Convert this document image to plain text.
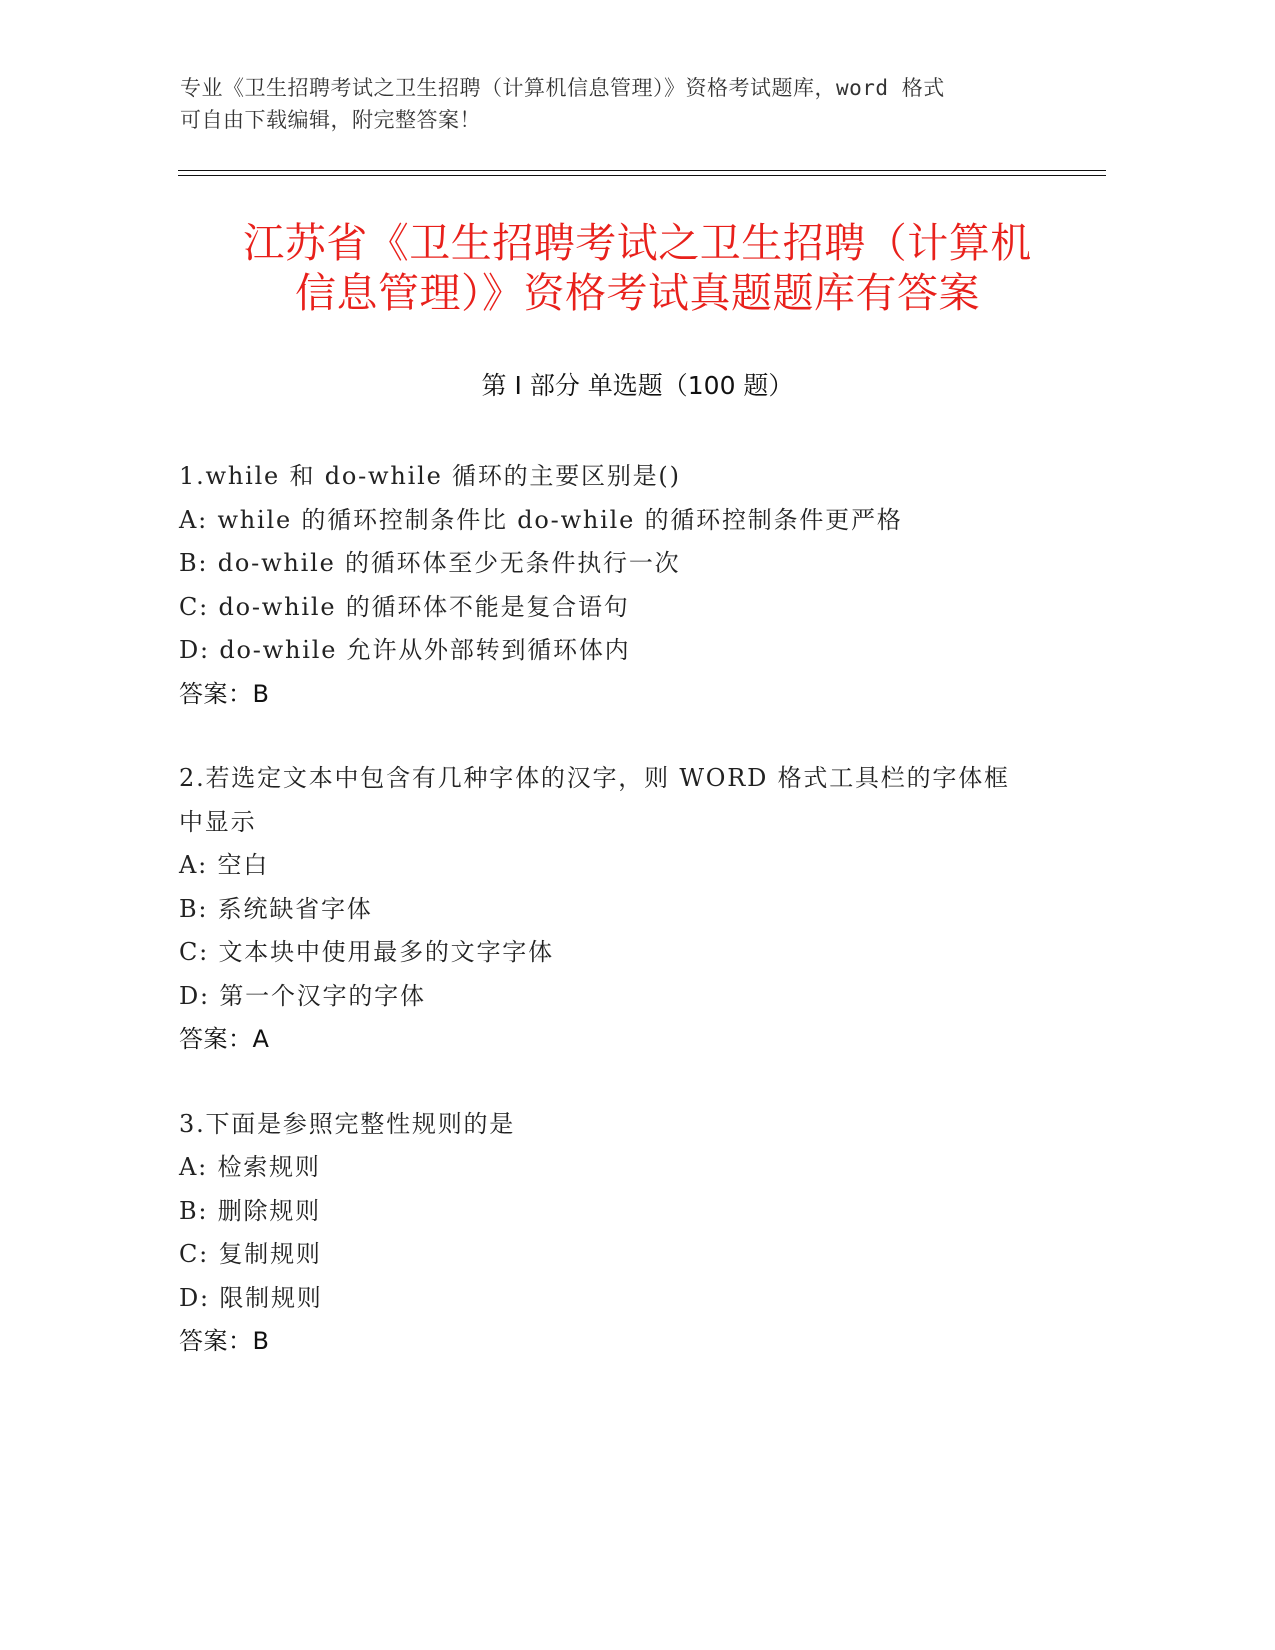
专业《卫生招聘考试之卫生招聘（计算机信息管理）》资格考试题库，word 格式
可自由下载编辑，附完整答案！
江苏省《卫生招聘考试之卫生招聘（计算机
信息管理）》资格考试真题题库有答案
第 I 部分 单选题（100 题）
1.while 和 do-while 循环的主要区别是()
A: while 的循环控制条件比 do-while 的循环控制条件更严格
B: do-while 的循环体至少无条件执行一次
C: do-while 的循环体不能是复合语句
D: do-while 允许从外部转到循环体内
答案：B
2.若选定文本中包含有几种字体的汉字，则 WORD 格式工具栏的字体框
中显示
A: 空白
B: 系统缺省字体
C: 文本块中使用最多的文字字体
D: 第一个汉字的字体
答案：A
3.下面是参照完整性规则的是
A: 检索规则
B: 删除规则
C: 复制规则
D: 限制规则
答案：B
